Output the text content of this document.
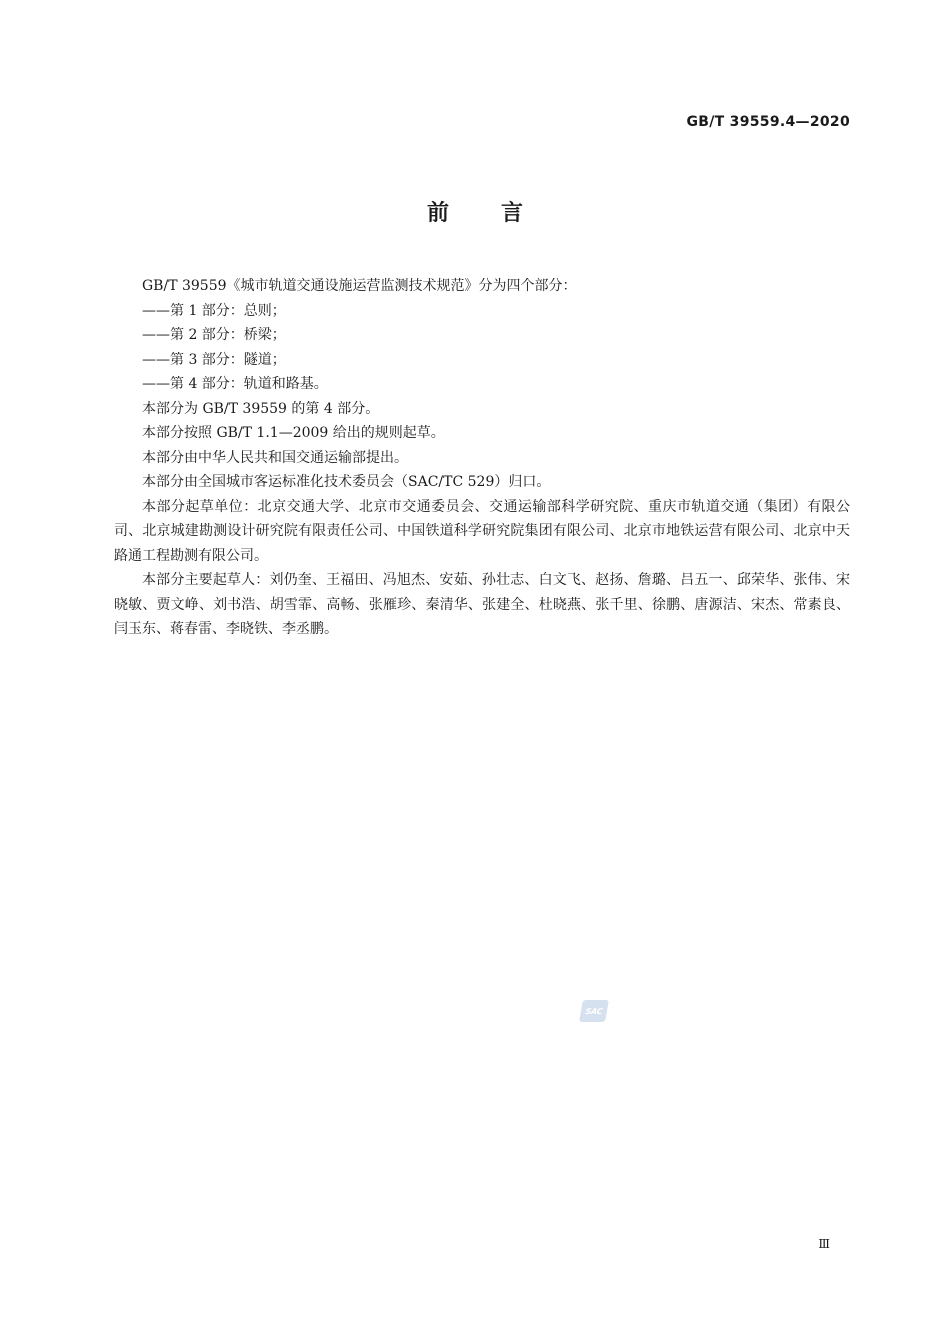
GB/T 39559.4—2020
前言

GB/T 39559《城市轨道交通设施运营监测技术规范》分为四个部分：

——第 1 部分：总则；

——第 2 部分：桥梁；

——第 3 部分：隧道；

——第 4 部分：轨道和路基。

本部分为 GB/T 39559 的第 4 部分。

本部分按照 GB/T 1.1—2009 给出的规则起草。

本部分由中华人民共和国交通运输部提出。

本部分由全国城市客运标准化技术委员会（SAC/TC 529）归口。

本部分起草单位：北京交通大学、北京市交通委员会、交通运输部科学研究院、重庆市轨道交通（集团）有限公司、北京城建勘测设计研究院有限责任公司、中国铁道科学研究院集团有限公司、北京市地铁运营有限公司、北京中天路通工程勘测有限公司。

本部分主要起草人：刘仍奎、王福田、冯旭杰、安茹、孙壮志、白文飞、赵扬、詹璐、吕五一、邱荣华、张伟、宋晓敏、贾文峥、刘书浩、胡雪霏、高畅、张雁珍、秦清华、张建全、杜晓燕、张千里、徐鹏、唐源洁、宋杰、常素良、闫玉东、蒋春雷、李晓铁、李丞鹏。

SAC
Ⅲ
